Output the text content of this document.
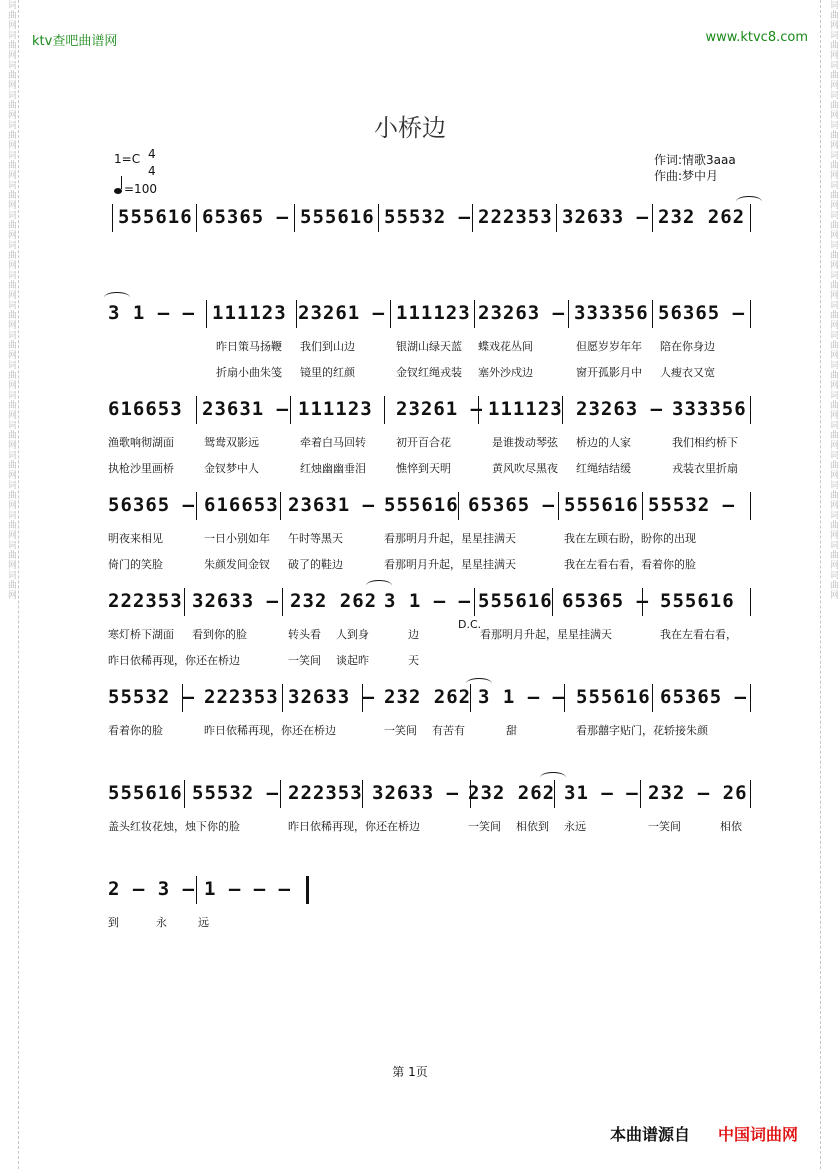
词曲网词曲网词曲网词曲网词曲网词曲网词曲网词曲网词曲网词曲网词曲网词曲网词曲网词曲网词曲网词曲网词曲网词曲网词曲网词曲网	词曲网词曲网词曲网词曲网词曲网词曲网词曲网词曲网词曲网词曲网词曲网词曲网词曲网词曲网词曲网词曲网词曲网词曲网词曲网词曲网
ktv查吧曲谱网	www.ktvc8.com
小桥边
1=C 4
4
=100
作词:情歌3aaa
作曲:梦中月
555616 65365 – 555616 55532 – 222353 32633 – 232 262
3 1 – – 111123 23261 – 111123 23263 – 333356 56365 –
昨日策马扬鞭 我们到山边	银湖山绿天蓝 蝶戏花丛间	但愿岁岁年年 陪在你身边
折扇小曲朱笺 镜里的红颜	金钗红绳戎装 塞外沙戍边	窗开孤影月中 人瘦衣又宽
616653 23631 – 111123 23261 – 111123 23263 – 333356
渔歌响彻湖面	鸳鸯双影远	牵着白马回转	初开百合花	是谁拨动琴弦 桥边的人家	我们相约桥下
执枪沙里画桥	金钗梦中人	红烛幽幽垂泪	憔悴到天明	黄风吹尽黑夜 红绳结结缓	戎装衣里折扇
56365 – 616653 23631 – 555616 65365 – 555616 55532 –
明夜来相见	一日小别如年 午时等黑天	看那明月升起，星星挂满天	我在左顾右盼，盼你的出现
倚门的笑脸	朱颜发间金钗 破了的鞋边	看那明月升起，星星挂满天	我在左看右看，看着你的脸
222353 32633 – 232 262 3 1 – – 555616 65365 – 555616
寒灯桥下湖面 看到你的脸	转头看 人到身	边	看那明月升起，星星挂满天	我在左看右看，
昨日依稀再现，你还在桥边	一笑间 谈起昨	天
55532 – 222353 32633 – 232 262 3 1 – – 555616 65365 –
看着你的脸	昨日依稀再现，你还在桥边	一笑间 有苦有	甜	看那囍字贴门，花轿接朱颜
555616 55532 – 222353 32633 – 232 262 31 – – 232 – 26
盖头红妆花烛，烛下你的脸	昨日依稀再现，你还在桥边	一笑间 相依到 永远	一笑间	相依
2 – 3 – 1 – – –
到	永	远
D.C.
第 1页
本曲谱源自 中国词曲网
